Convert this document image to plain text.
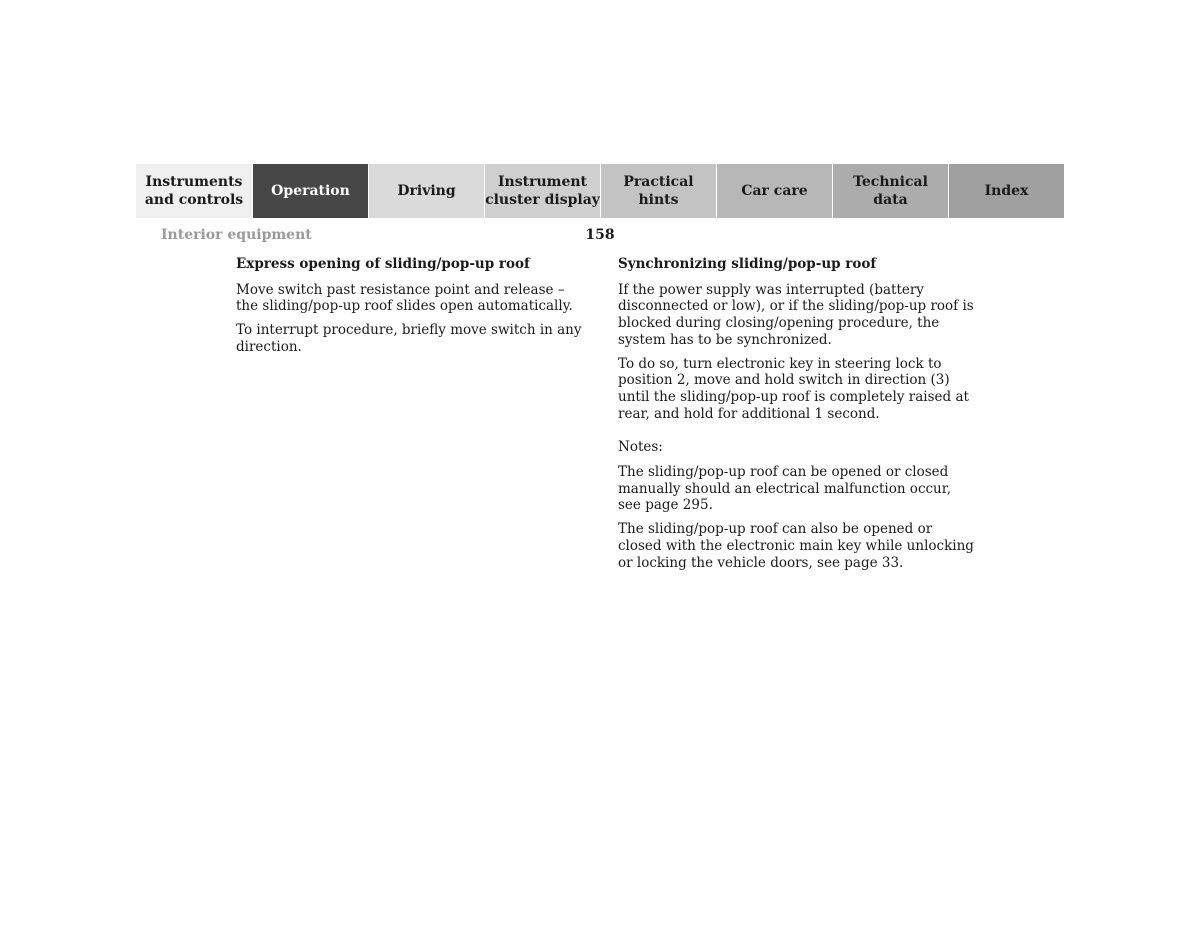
Instruments
and controls
Operation	Driving
Instrument
cluster display
Practical hints
Car care
Technical
data
Index
Interior equipment	158
Express opening of sliding/pop-up roof

Move switch past resistance point and release – the sliding/pop-up roof slides open automatically.

To interrupt procedure, briefly move switch in any direction.

Synchronizing sliding/pop-up roof

If the power supply was interrupted (battery disconnected or low), or if the sliding/pop-up roof is blocked during closing/opening procedure, the system has to be synchronized.

To do so, turn electronic key in steering lock to position 2, move and hold switch in direction (3) until the sliding/pop-up roof is completely raised at rear, and hold for additional 1 second.

Notes:

The sliding/pop-up roof can be opened or closed manually should an electrical malfunction occur, see page 295.

The sliding/pop-up roof can also be opened or closed with the electronic main key while unlocking or locking the vehicle doors, see page 33.
